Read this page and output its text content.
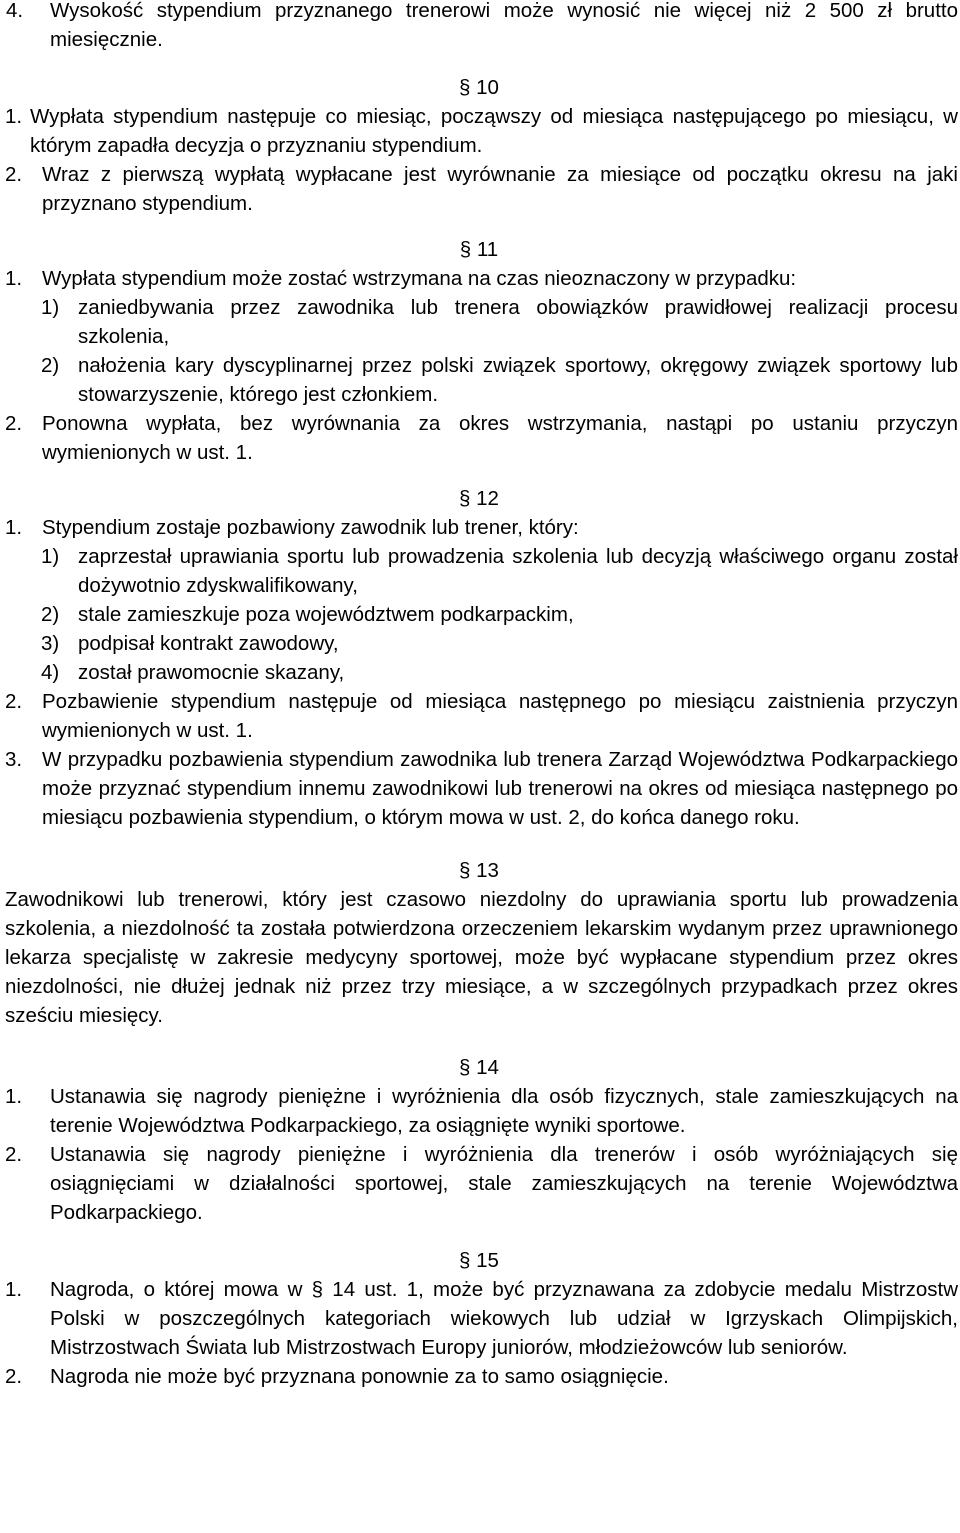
4.	Wysokość stypendium przyznanego trenerowi może wynosić nie więcej niż 2 500 zł brutto miesięcznie.
§ 10
1. Wypłata stypendium następuje co miesiąc, począwszy od miesiąca następującego po miesiącu, w którym zapadła decyzja o przyznaniu stypendium.
2. Wraz z pierwszą wypłatą wypłacane jest wyrównanie za miesiące od początku okresu na jaki przyznano stypendium.
§ 11
1. Wypłata stypendium może zostać wstrzymana na czas nieoznaczony w przypadku:
1) zaniedbywania przez zawodnika lub trenera obowiązków prawidłowej realizacji procesu szkolenia,
2) nałożenia kary dyscyplinarnej przez polski związek sportowy, okręgowy związek sportowy lub stowarzyszenie, którego jest członkiem.
2. Ponowna wypłata, bez wyrównania za okres wstrzymania, nastąpi po ustaniu przyczyn wymienionych w ust. 1.
§ 12
1. Stypendium zostaje pozbawiony zawodnik lub trener, który:
1) zaprzestał uprawiania sportu lub prowadzenia szkolenia lub decyzją właściwego organu został dożywotnio zdyskwalifikowany,
2) stale zamieszkuje poza województwem podkarpackim,
3) podpisał kontrakt zawodowy,
4) został prawomocnie skazany,
2. Pozbawienie stypendium następuje od miesiąca następnego po miesiącu zaistnienia przyczyn wymienionych w ust. 1.
3. W przypadku pozbawienia stypendium zawodnika lub trenera Zarząd Województwa Podkarpackiego może przyznać stypendium innemu zawodnikowi lub trenerowi na okres od miesiąca następnego po miesiącu pozbawienia stypendium, o którym mowa w ust. 2, do końca danego roku.
§ 13
Zawodnikowi lub trenerowi, który jest czasowo niezdolny do uprawiania sportu lub prowadzenia szkolenia, a niezdolność ta została potwierdzona orzeczeniem lekarskim wydanym przez uprawnionego lekarza specjalistę w zakresie medycyny sportowej, może być wypłacane stypendium przez okres niezdolności, nie dłużej jednak niż przez trzy miesiące, a w szczególnych przypadkach przez okres sześciu miesięcy.
§ 14
1.	Ustanawia się nagrody pieniężne i wyróżnienia dla osób fizycznych, stale zamieszkujących na terenie Województwa Podkarpackiego, za osiągnięte wyniki sportowe.
2.	Ustanawia się nagrody pieniężne i wyróżnienia dla trenerów i osób wyróżniających się osiągnięciami w działalności sportowej, stale zamieszkujących na terenie Województwa Podkarpackiego.
§ 15
1.	Nagroda, o której mowa w § 14 ust. 1, może być przyznawana za zdobycie medalu Mistrzostw Polski w poszczególnych kategoriach wiekowych lub udział w Igrzyskach Olimpijskich, Mistrzostwach Świata lub Mistrzostwach Europy juniorów, młodzieżowców lub seniorów.
2.	Nagroda nie może być przyznana ponownie za to samo osiągnięcie.
